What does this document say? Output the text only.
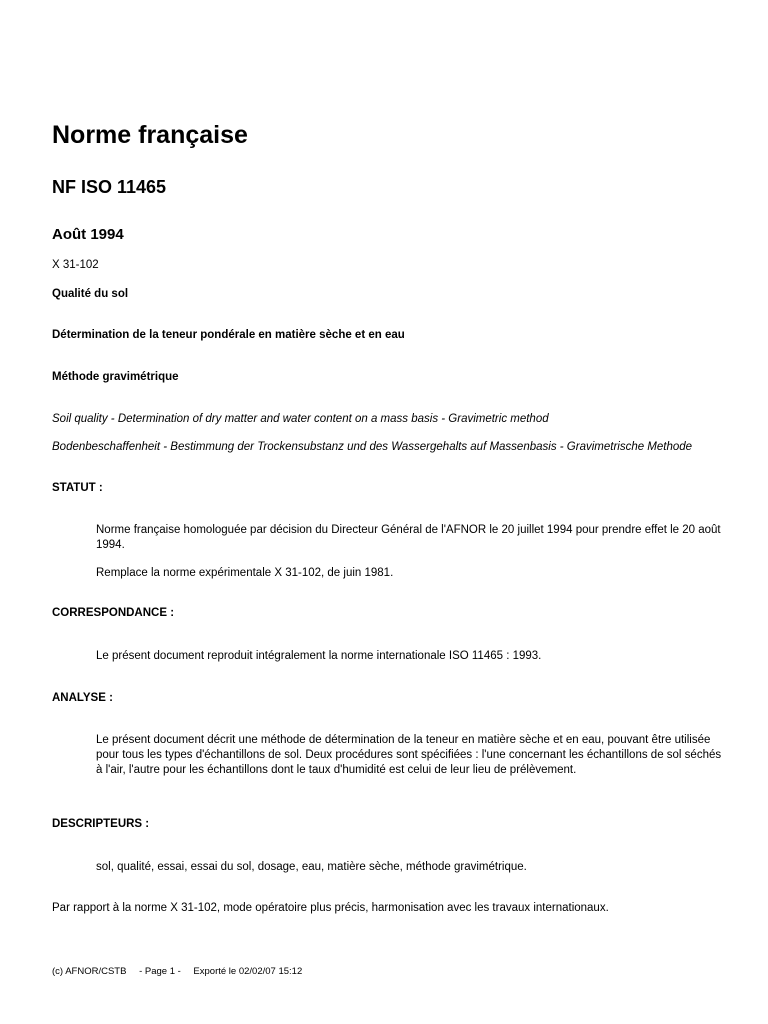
Norme française
NF ISO 11465
Août 1994
X 31-102
Qualité du sol
Détermination de la teneur pondérale en matière sèche et en eau
Méthode gravimétrique
Soil quality - Determination of dry matter and water content on a mass basis - Gravimetric method
Bodenbeschaffenheit - Bestimmung der Trockensubstanz und des Wassergehalts auf Massenbasis - Gravimetrische Methode
STATUT :

Norme française homologuée par décision du Directeur Général de l'AFNOR le 20 juillet 1994 pour prendre effet le 20 août 1994.

Remplace la norme expérimentale X 31-102, de juin 1981.

CORRESPONDANCE :

Le présent document reproduit intégralement la norme internationale ISO 11465 : 1993.

ANALYSE :

Le présent document décrit une méthode de détermination de la teneur en matière sèche et en eau, pouvant être utilisée pour tous les types d'échantillons de sol. Deux procédures sont spécifiées : l'une concernant les échantillons de sol séchés à l'air, l'autre pour les échantillons dont le taux d'humidité est celui de leur lieu de prélèvement.

DESCRIPTEURS :

sol, qualité, essai, essai du sol, dosage, eau, matière sèche, méthode gravimétrique.

Par rapport à la norme X 31-102, mode opératoire plus précis, harmonisation avec les travaux internationaux.
(c) AFNOR/CSTB - Page 1 - Exporté le 02/02/07 15:12
